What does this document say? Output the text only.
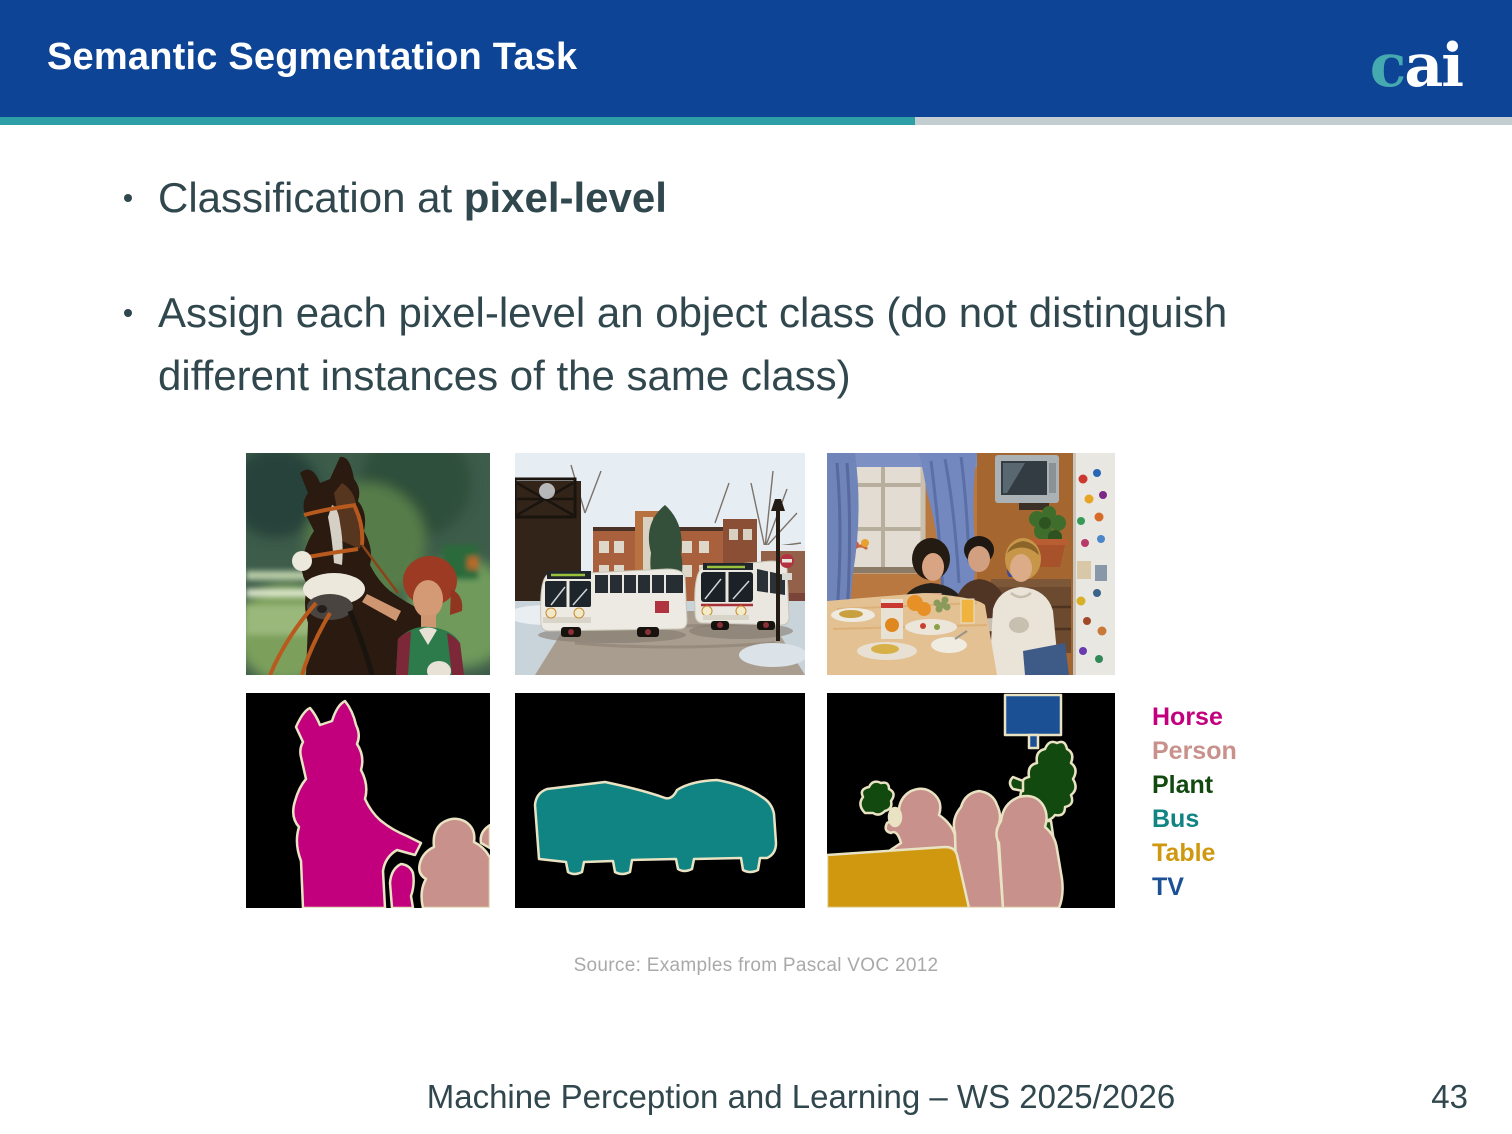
Semantic Segmentation Task	cai
Classification at pixel-level
Assign each pixel-level an object class (do not distinguish different instances of the same class)
Horse
Person
Plant
Bus
Table
TV
Source: Examples from Pascal VOC 2012
Machine Perception and Learning – WS 2025/2026	43
